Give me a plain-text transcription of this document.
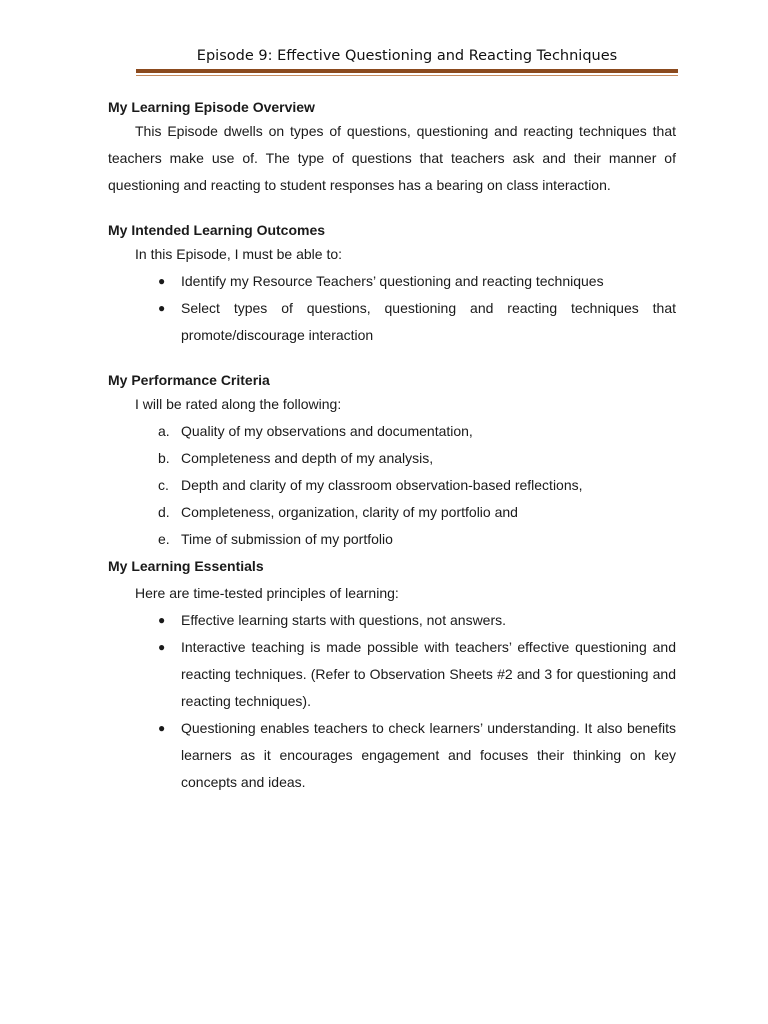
Episode 9: Effective Questioning and Reacting Techniques

My Learning Episode Overview

This Episode dwells on types of questions, questioning and reacting techniques that teachers make use of. The type of questions that teachers ask and their manner of questioning and reacting to student responses has a bearing on class interaction.

My Intended Learning Outcomes

In this Episode, I must be able to:

●	Identify my Resource Teachers’ questioning and reacting techniques
●	Select types of questions, questioning and reacting techniques that promote/discourage interaction

My Performance Criteria

I will be rated along the following:

a. Quality of my observations and documentation,
b. Completeness and depth of my analysis,
c. Depth and clarity of my classroom observation-based reflections,
d. Completeness, organization, clarity of my portfolio and
e. Time of submission of my portfolio

My Learning Essentials

Here are time-tested principles of learning:

●	Effective learning starts with questions, not answers.
●	Interactive teaching is made possible with teachers’ effective questioning and reacting techniques. (Refer to Observation Sheets #2 and 3 for questioning and reacting techniques).
●	Questioning enables teachers to check learners’ understanding. It also benefits learners as it encourages engagement and focuses their thinking on key concepts and ideas.
